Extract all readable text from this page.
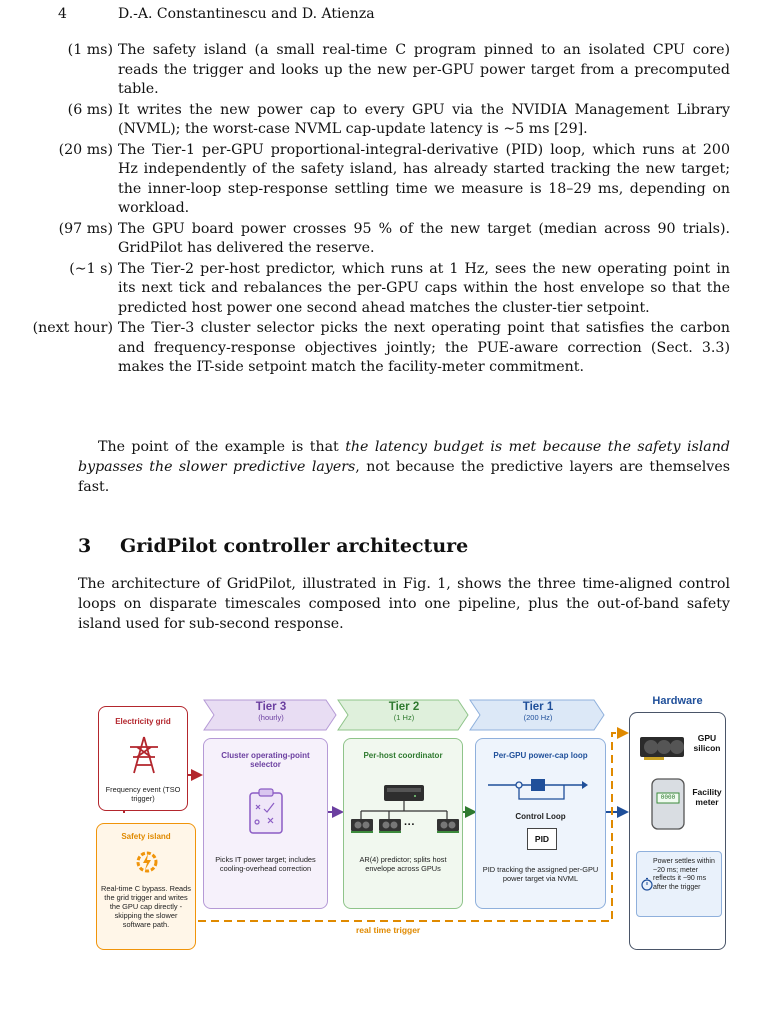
4	D.-A. Constantinescu and D. Atienza
(1 ms) The safety island (a small real-time C program pinned to an isolated CPU core) reads the trigger and looks up the new per-GPU power target from a precomputed table.
(6 ms) It writes the new power cap to every GPU via the NVIDIA Management Library (NVML); the worst-case NVML cap-update latency is ∼5 ms [29].
(20 ms) The Tier-1 per-GPU proportional-integral-derivative (PID) loop, which runs at 200 Hz independently of the safety island, has already started tracking the new target; the inner-loop step-response settling time we measure is 18–29 ms, depending on workload.
(97 ms) The GPU board power crosses 95 % of the new target (median across 90 trials). GridPilot has delivered the reserve.
(∼1 s) The Tier-2 per-host predictor, which runs at 1 Hz, sees the new operating point in its next tick and rebalances the per-GPU caps within the host envelope so that the predicted host power one second ahead matches the cluster-tier setpoint.
(next hour) The Tier-3 cluster selector picks the next operating point that satisfies the carbon and frequency-response objectives jointly; the PUE-aware correction (Sect. 3.3) makes the IT-side setpoint match the facility-meter commitment.
The point of the example is that the latency budget is met because the safety island bypasses the slower predictive layers, not because the predictive layers are themselves fast.
3 GridPilot controller architecture
The architecture of GridPilot, illustrated in Fig. 1, shows the three time-aligned control loops on disparate timescales composed into one pipeline, plus the out-of-band safety island used for sub-second response.
Electricity grid
Frequency event (TSO trigger)
Safety island
Real-time C bypass. Reads the grid trigger and writes the GPU cap directly - skipping the slower software path.
Tier 3
(hourly)
Tier 2
(1 Hz)
Tier 1
(200 Hz)
Cluster operating-point selector
Picks IT power target; includes cooling-overhead correction
Per-host coordinator
···
AR(4) predictor; splits host envelope across GPUs
Per-GPU power-cap loop
Control Loop
PID
PID tracking the assigned per-GPU power target via NVML
Hardware
GPU silicon
0000
Facility meter
Power settles within ~20 ms; meter reflects it ~90 ms after the trigger
real time trigger
